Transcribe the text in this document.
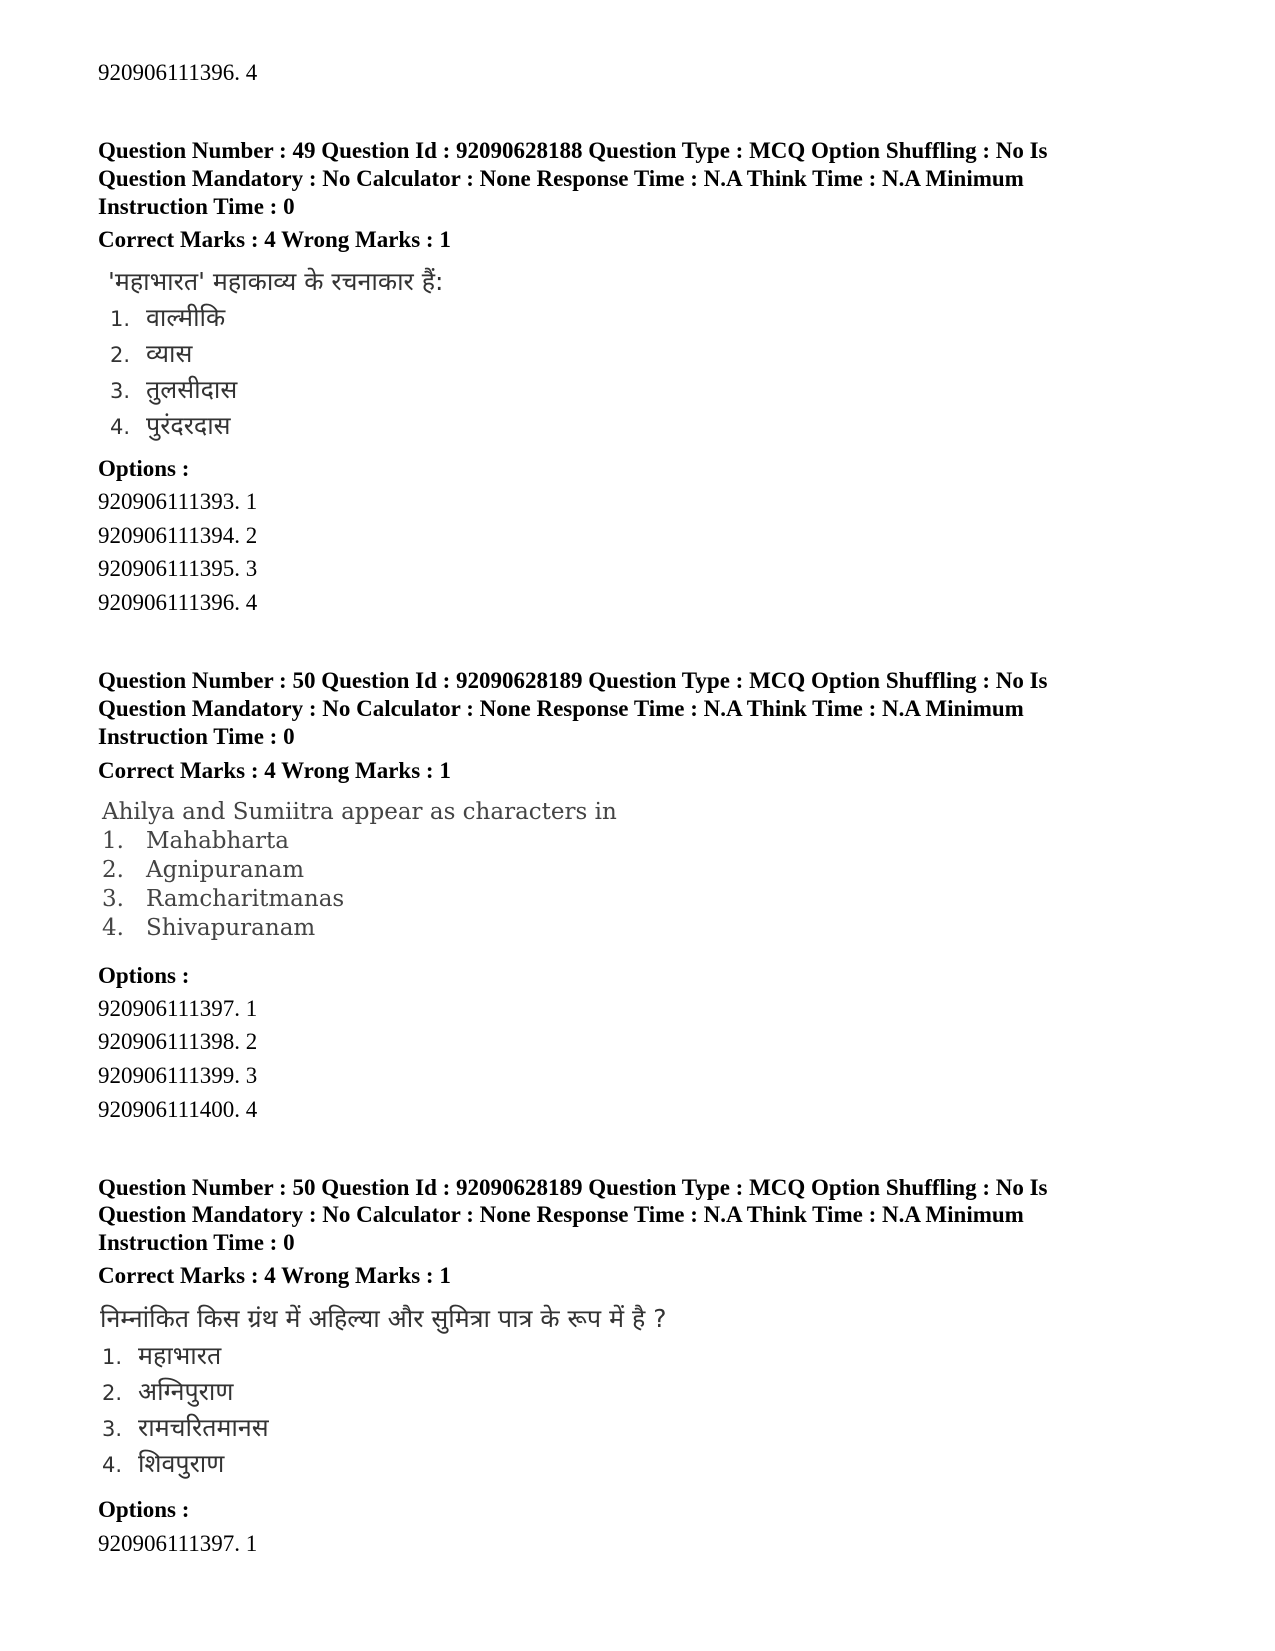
920906111396. 4

Question Number : 49 Question Id : 92090628188 Question Type : MCQ Option Shuffling : No Is

Question Mandatory : No Calculator : None Response Time : N.A Think Time : N.A Minimum

Instruction Time : 0

Correct Marks : 4 Wrong Marks : 1

'महाभारत' महाकाव्य के रचनाकार हैं:

1. वाल्मीकि

2. व्यास

3. तुलसीदास

4. पुरंदरदास

Options :

920906111393. 1

920906111394. 2

920906111395. 3

920906111396. 4

Question Number : 50 Question Id : 92090628189 Question Type : MCQ Option Shuffling : No Is

Question Mandatory : No Calculator : None Response Time : N.A Think Time : N.A Minimum

Instruction Time : 0

Correct Marks : 4 Wrong Marks : 1

Ahilya and Sumiitra appear as characters in

1. Mahabharta

2. Agnipuranam

3. Ramcharitmanas

4. Shivapuranam

Options :

920906111397. 1

920906111398. 2

920906111399. 3

920906111400. 4

Question Number : 50 Question Id : 92090628189 Question Type : MCQ Option Shuffling : No Is

Question Mandatory : No Calculator : None Response Time : N.A Think Time : N.A Minimum

Instruction Time : 0

Correct Marks : 4 Wrong Marks : 1

निम्नांकित किस ग्रंथ में अहिल्या और सुमित्रा पात्र के रूप में है ?

1. महाभारत

2. अग्निपुराण

3. रामचरितमानस

4. शिवपुराण

Options :

920906111397. 1
